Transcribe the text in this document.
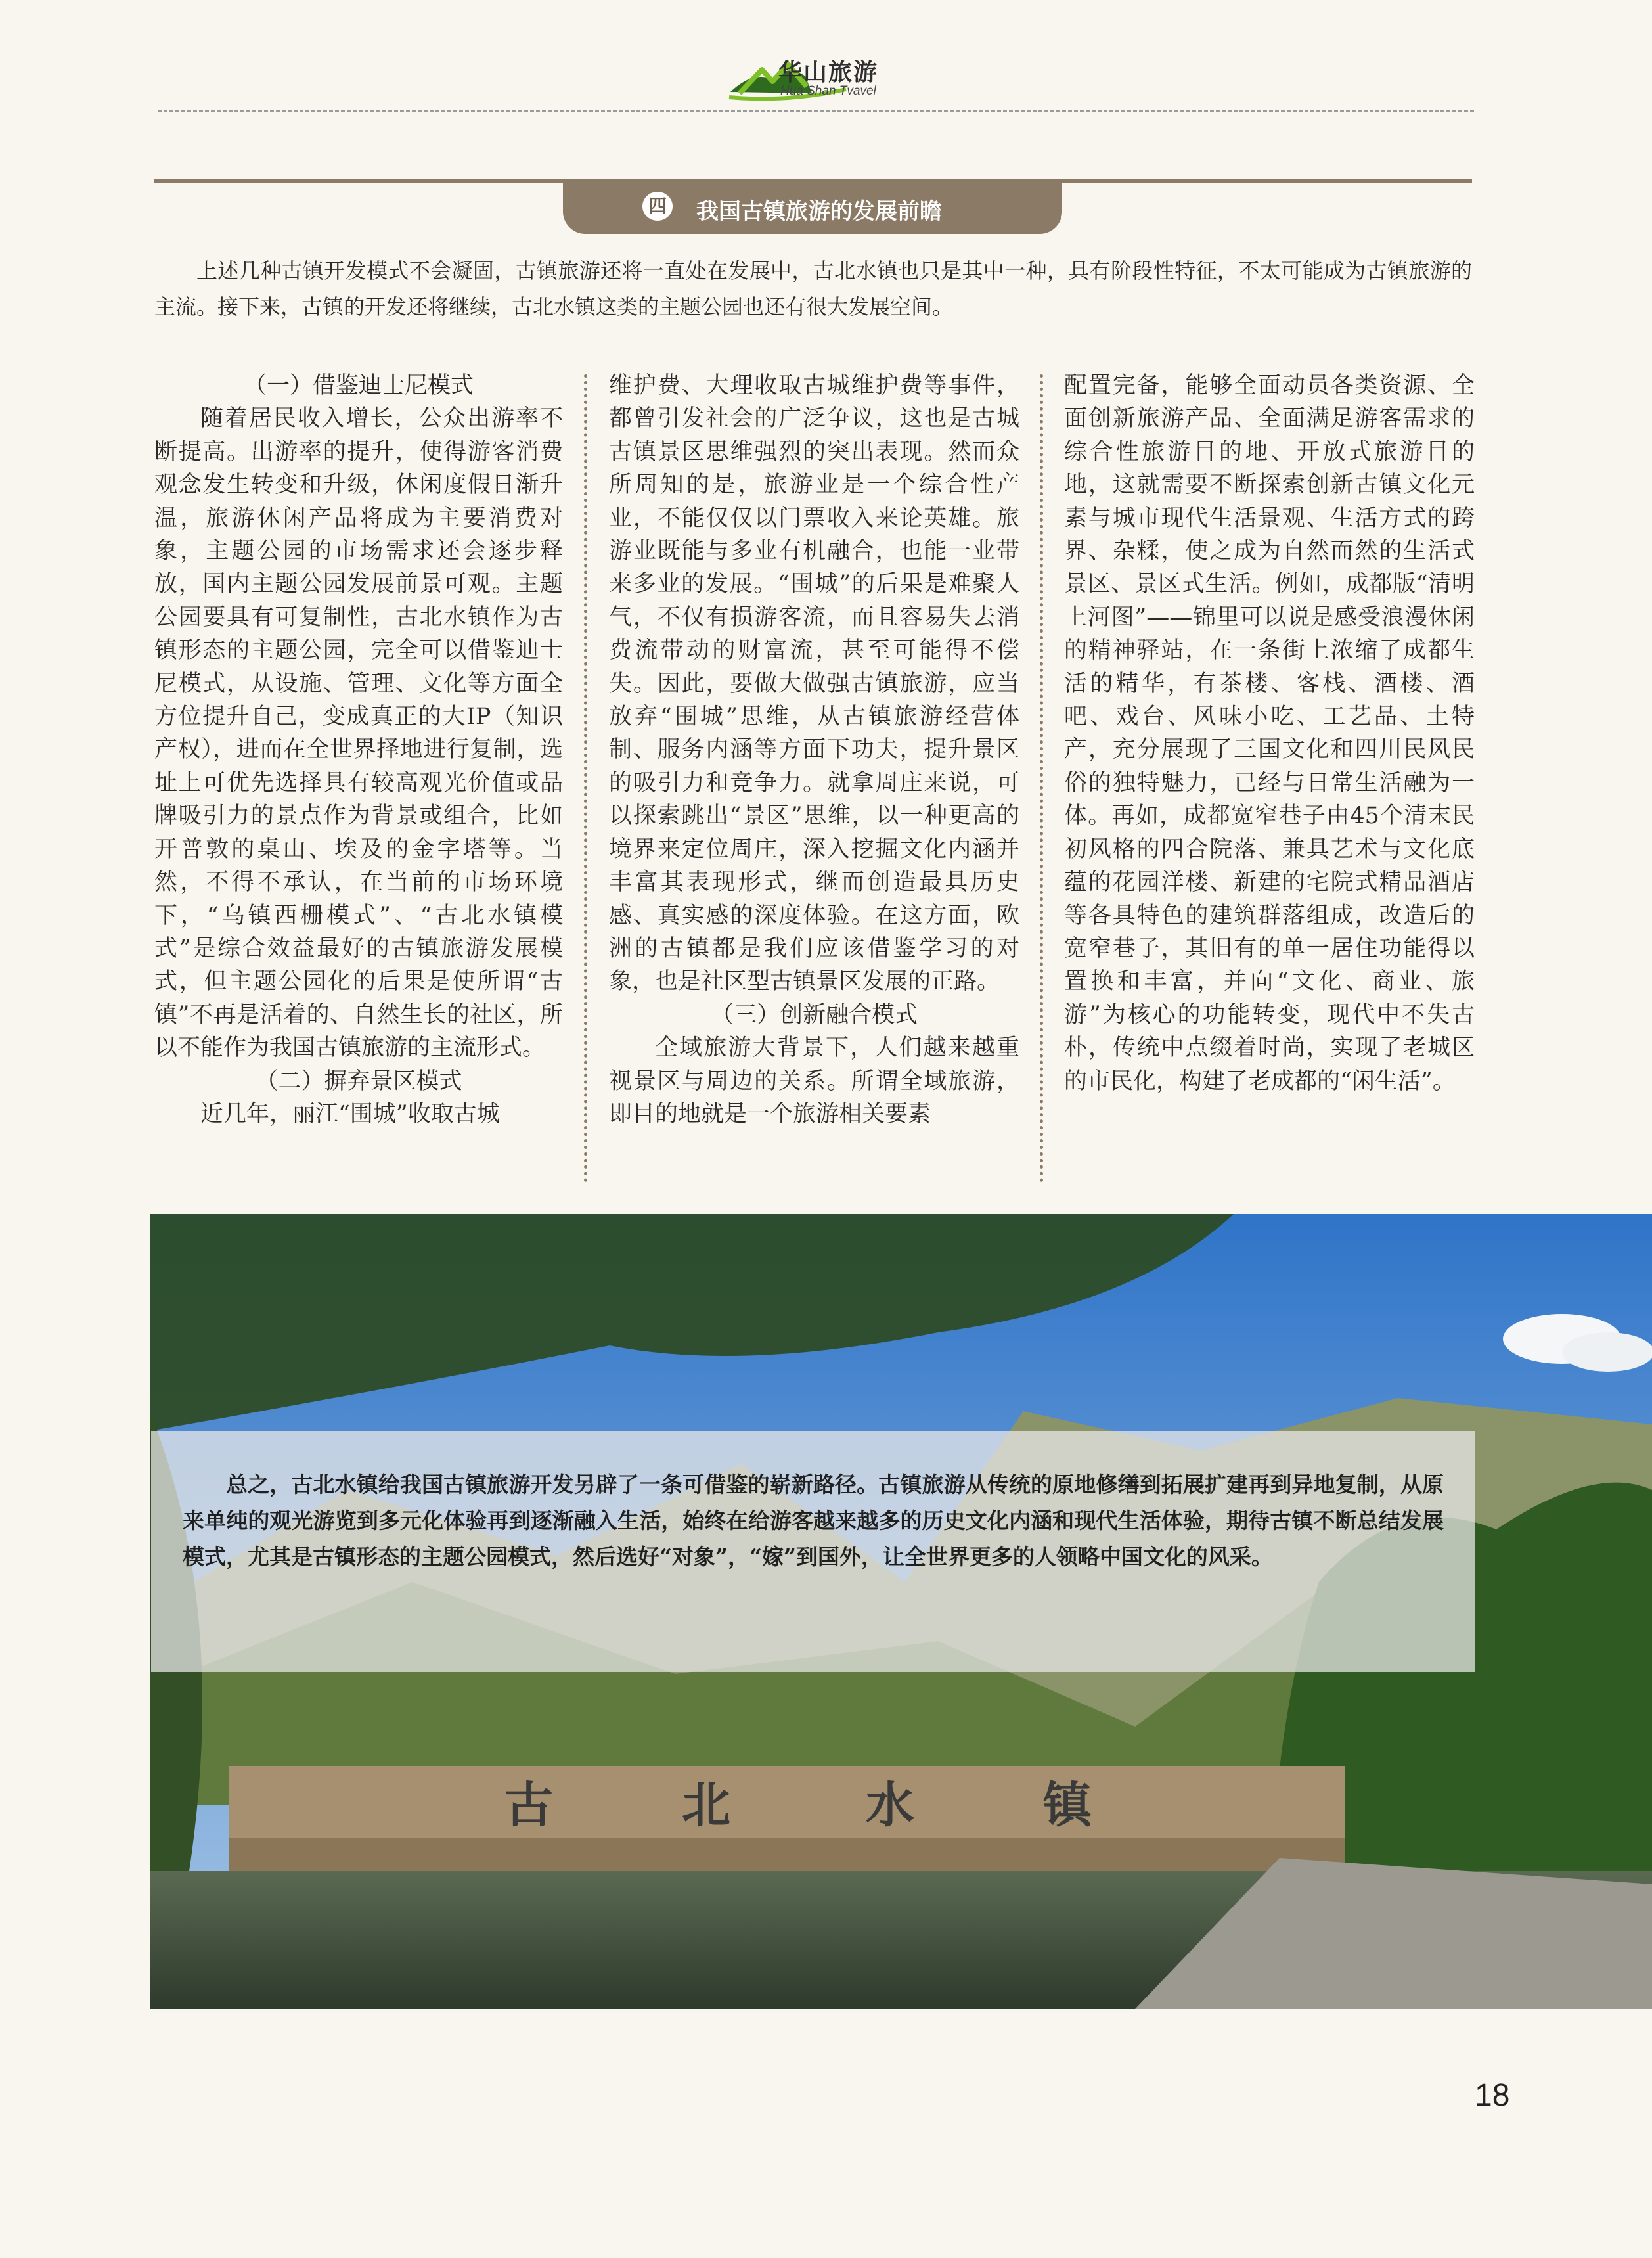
华山旅游
Hua Shan Tvavel
四 我国古镇旅游的发展前瞻

上述几种古镇开发模式不会凝固，古镇旅游还将一直处在发展中，古北水镇也只是其中一种，具有阶段性特征，不太可能成为古镇旅游的主流。接下来，古镇的开发还将继续，古北水镇这类的主题公园也还有很大发展空间。

（一）借鉴迪士尼模式

随着居民收入增长，公众出游率不断提高。出游率的提升，使得游客消费观念发生转变和升级，休闲度假日渐升温，旅游休闲产品将成为主要消费对象，主题公园的市场需求还会逐步释放，国内主题公园发展前景可观。主题公园要具有可复制性，古北水镇作为古镇形态的主题公园，完全可以借鉴迪士尼模式，从设施、管理、文化等方面全方位提升自己，变成真正的大IP（知识产权），进而在全世界择地进行复制，选址上可优先选择具有较高观光价值或品牌吸引力的景点作为背景或组合，比如开普敦的桌山、埃及的金字塔等。当然，不得不承认，在当前的市场环境下，“乌镇西栅模式”、“古北水镇模式”是综合效益最好的古镇旅游发展模式，但主题公园化的后果是使所谓“古镇”不再是活着的、自然生长的社区，所以不能作为我国古镇旅游的主流形式。

（二）摒弃景区模式

近几年，丽江“围城”收取古城

维护费、大理收取古城维护费等事件，都曾引发社会的广泛争议，这也是古城古镇景区思维强烈的突出表现。然而众所周知的是，旅游业是一个综合性产业，不能仅仅以门票收入来论英雄。旅游业既能与多业有机融合，也能一业带来多业的发展。“围城”的后果是难聚人气，不仅有损游客流，而且容易失去消费流带动的财富流，甚至可能得不偿失。因此，要做大做强古镇旅游，应当放弃“围城”思维，从古镇旅游经营体制、服务内涵等方面下功夫，提升景区的吸引力和竞争力。就拿周庄来说，可以探索跳出“景区”思维，以一种更高的境界来定位周庄，深入挖掘文化内涵并丰富其表现形式，继而创造最具历史感、真实感的深度体验。在这方面，欧洲的古镇都是我们应该借鉴学习的对象，也是社区型古镇景区发展的正路。

（三）创新融合模式

全域旅游大背景下，人们越来越重视景区与周边的关系。所谓全域旅游，即目的地就是一个旅游相关要素

配置完备，能够全面动员各类资源、全面创新旅游产品、全面满足游客需求的综合性旅游目的地、开放式旅游目的地，这就需要不断探索创新古镇文化元素与城市现代生活景观、生活方式的跨界、杂糅，使之成为自然而然的生活式景区、景区式生活。例如，成都版“清明上河图”——锦里可以说是感受浪漫休闲的精神驿站，在一条街上浓缩了成都生活的精华，有茶楼、客栈、酒楼、酒吧、戏台、风味小吃、工艺品、土特产，充分展现了三国文化和四川民风民俗的独特魅力，已经与日常生活融为一体。再如，成都宽窄巷子由45个清末民初风格的四合院落、兼具艺术与文化底蕴的花园洋楼、新建的宅院式精品酒店等各具特色的建筑群落组成，改造后的宽窄巷子，其旧有的单一居住功能得以置换和丰富，并向“文化、商业、旅游”为核心的功能转变，现代中不失古朴，传统中点缀着时尚，实现了老城区的市民化，构建了老成都的“闲生活”。

古	北	水	镇

总之，古北水镇给我国古镇旅游开发另辟了一条可借鉴的崭新路径。古镇旅游从传统的原地修缮到拓展扩建再到异地复制，从原来单纯的观光游览到多元化体验再到逐渐融入生活，始终在给游客越来越多的历史文化内涵和现代生活体验，期待古镇不断总结发展模式，尤其是古镇形态的主题公园模式，然后选好“对象”，“嫁”到国外，让全世界更多的人领略中国文化的风采。

18
